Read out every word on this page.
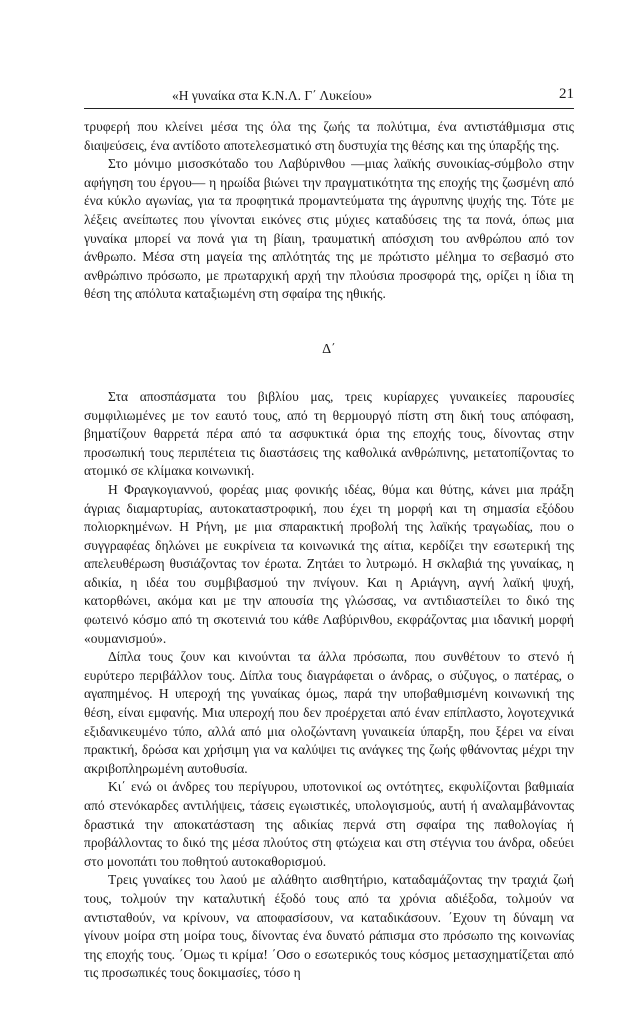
«Η γυναίκα στα Κ.Ν.Λ. Γ΄ Λυκείου»	21

τρυφερή που κλείνει μέσα της όλα της ζωής τα πολύτιμα, ένα αντιστάθμισμα στις διαψεύσεις, ένα αντίδοτο αποτελεσματικό στη δυστυχία της θέσης και της ύπαρξής της.

Στο μόνιμο μισοσκόταδο του Λαβύρινθου —μιας λαϊκής συνοικίας-σύμβολο στην αφήγηση του έργου— η ηρωίδα βιώνει την πραγματικότητα της εποχής της ζωσμένη από ένα κύκλο αγωνίας, για τα προφητικά προμαντεύματα της άγρυπνης ψυχής της. Τότε με λέξεις ανείπωτες που γίνονται εικόνες στις μύχιες καταδύσεις της τα πονά, όπως μια γυναίκα μπορεί να πονά για τη βίαιη, τραυματική απόσχιση του ανθρώπου από τον άνθρωπο. Μέσα στη μαγεία της απλότητάς της με πρώτιστο μέλημα το σεβασμό στο ανθρώπινο πρόσωπο, με πρωταρχική αρχή την πλούσια προσφορά της, ορίζει η ίδια τη θέση της απόλυτα καταξιωμένη στη σφαίρα της ηθικής.

Δ΄

Στα αποσπάσματα του βιβλίου μας, τρεις κυρίαρχες γυναικείες παρουσίες συμφιλιωμένες με τον εαυτό τους, από τη θερμουργό πίστη στη δική τους απόφαση, βηματίζουν θαρρετά πέρα από τα ασφυκτικά όρια της εποχής τους, δίνοντας στην προσωπική τους περιπέτεια τις διαστάσεις της καθολικά ανθρώπινης, μετατοπίζοντας το ατομικό σε κλίμακα κοινωνική.

Η Φραγκογιαννού, φορέας μιας φονικής ιδέας, θύμα και θύτης, κάνει μια πράξη άγριας διαμαρτυρίας, αυτοκαταστροφική, που έχει τη μορφή και τη σημασία εξόδου πολιορκημένων. Η Ρήνη, με μια σπαρακτική προβολή της λαϊκής τραγωδίας, που ο συγγραφέας δηλώνει με ευκρίνεια τα κοινωνικά της αίτια, κερδίζει την εσωτερική της απελευθέρωση θυσιάζοντας τον έρωτα. Ζητάει το λυτρωμό. Η σκλαβιά της γυναίκας, η αδικία, η ιδέα του συμβιβασμού την πνίγουν. Και η Αριάγνη, αγνή λαϊκή ψυχή, κατορθώνει, ακόμα και με την απουσία της γλώσσας, να αντιδιαστείλει το δικό της φωτεινό κόσμο από τη σκοτεινιά του κάθε Λαβύρινθου, εκφράζοντας μια ιδανική μορφή «ουμανισμού».

Δίπλα τους ζουν και κινούνται τα άλλα πρόσωπα, που συνθέτουν το στενό ή ευρύτερο περιβάλλον τους. Δίπλα τους διαγράφεται ο άνδρας, ο σύζυγος, ο πατέρας, ο αγαπημένος. Η υπεροχή της γυναίκας όμως, παρά την υποβαθμισμένη κοινωνική της θέση, είναι εμφανής. Μια υπεροχή που δεν προέρχεται από έναν επίπλαστο, λογοτεχνικά εξιδανικευμένο τύπο, αλλά από μια ολοζώντανη γυναικεία ύπαρξη, που ξέρει να είναι πρακτική, δρώσα και χρήσιμη για να καλύψει τις ανάγκες της ζωής φθάνοντας μέχρι την ακριβοπληρωμένη αυτοθυσία.

Κι΄ ενώ οι άνδρες του περίγυρου, υποτονικοί ως οντότητες, εκφυλίζονται βαθμιαία από στενόκαρδες αντιλήψεις, τάσεις εγωιστικές, υπολογισμούς, αυτή ή αναλαμβάνοντας δραστικά την αποκατάσταση της αδικίας περνά στη σφαίρα της παθολογίας ή προβάλλοντας το δικό της μέσα πλούτος στη φτώχεια και στη στέγνια του άνδρα, οδεύει στο μονοπάτι του ποθητού αυτοκαθορισμού.

Τρεις γυναίκες του λαού με αλάθητο αισθητήριο, καταδαμάζοντας την τραχιά ζωή τους, τολμούν την καταλυτική έξοδό τους από τα χρόνια αδιέξοδα, τολμούν να αντισταθούν, να κρίνουν, να αποφασίσουν, να καταδικάσουν. ΄Εχουν τη δύναμη να γίνουν μοίρα στη μοίρα τους, δίνοντας ένα δυνατό ράπισμα στο πρόσωπο της κοινωνίας της εποχής τους. ΄Ομως τι κρίμα! ΄Οσο ο εσωτερικός τους κόσμος μετασχηματίζεται από τις προσωπικές τους δοκιμασίες, τόσο η
